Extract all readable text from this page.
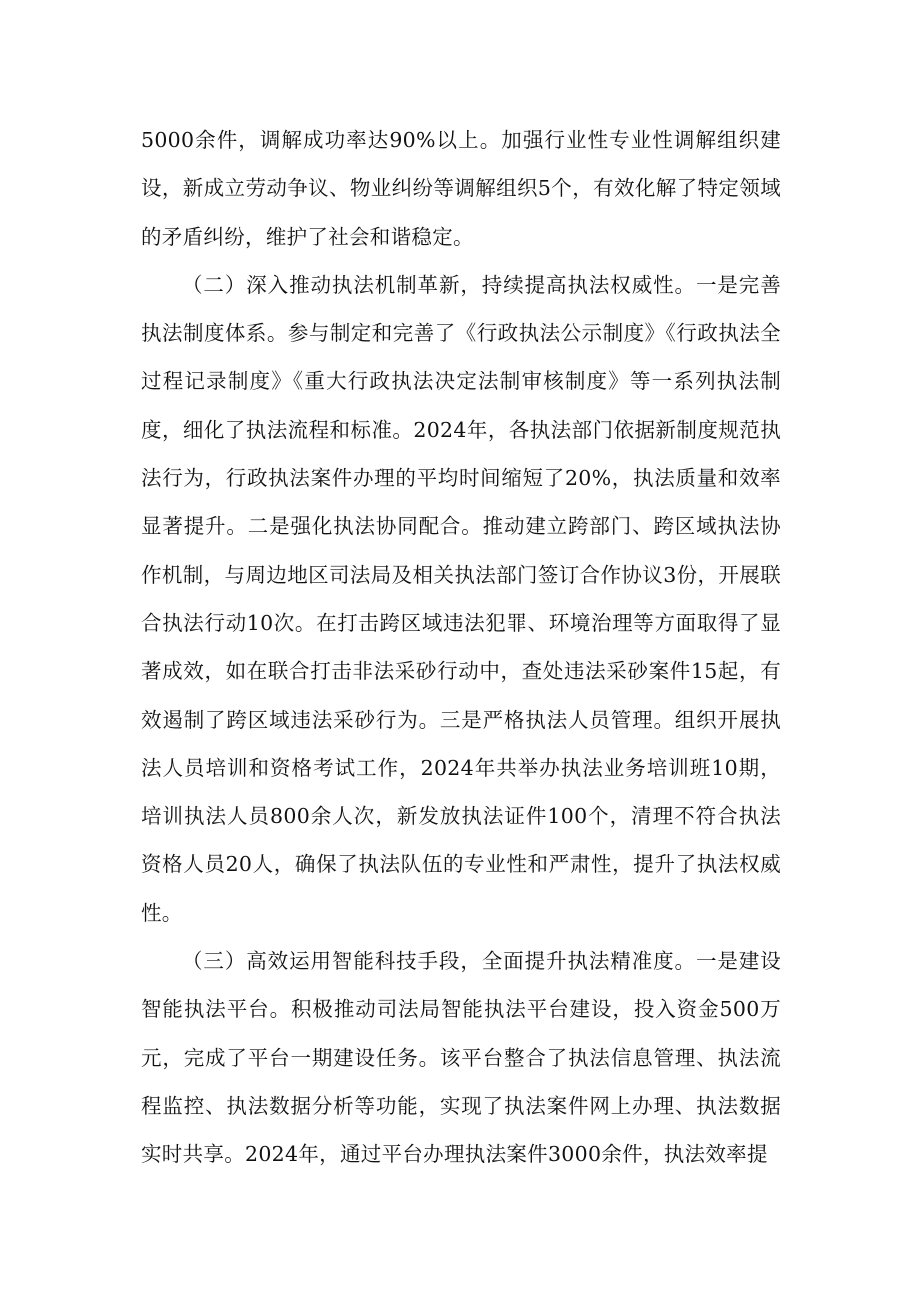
5000余件，调解成功率达90%以上。加强行业性专业性调解组织建设，新成立劳动争议、物业纠纷等调解组织5个，有效化解了特定领域的矛盾纠纷，维护了社会和谐稳定。

（二）深入推动执法机制革新，持续提高执法权威性。一是完善执法制度体系。参与制定和完善了《行政执法公示制度》《行政执法全过程记录制度》《重大行政执法决定法制审核制度》等一系列执法制度，细化了执法流程和标准。2024年，各执法部门依据新制度规范执法行为，行政执法案件办理的平均时间缩短了20%，执法质量和效率显著提升。二是强化执法协同配合。推动建立跨部门、跨区域执法协作机制，与周边地区司法局及相关执法部门签订合作协议3份，开展联合执法行动10次。在打击跨区域违法犯罪、环境治理等方面取得了显著成效，如在联合打击非法采砂行动中，查处违法采砂案件15起，有效遏制了跨区域违法采砂行为。三是严格执法人员管理。组织开展执法人员培训和资格考试工作，2024年共举办执法业务培训班10期，培训执法人员800余人次，新发放执法证件100个，清理不符合执法资格人员20人，确保了执法队伍的专业性和严肃性，提升了执法权威性。

（三）高效运用智能科技手段，全面提升执法精准度。一是建设智能执法平台。积极推动司法局智能执法平台建设，投入资金500万元，完成了平台一期建设任务。该平台整合了执法信息管理、执法流程监控、执法数据分析等功能，实现了执法案件网上办理、执法数据实时共享。2024年，通过平台办理执法案件3000余件，执法效率提
